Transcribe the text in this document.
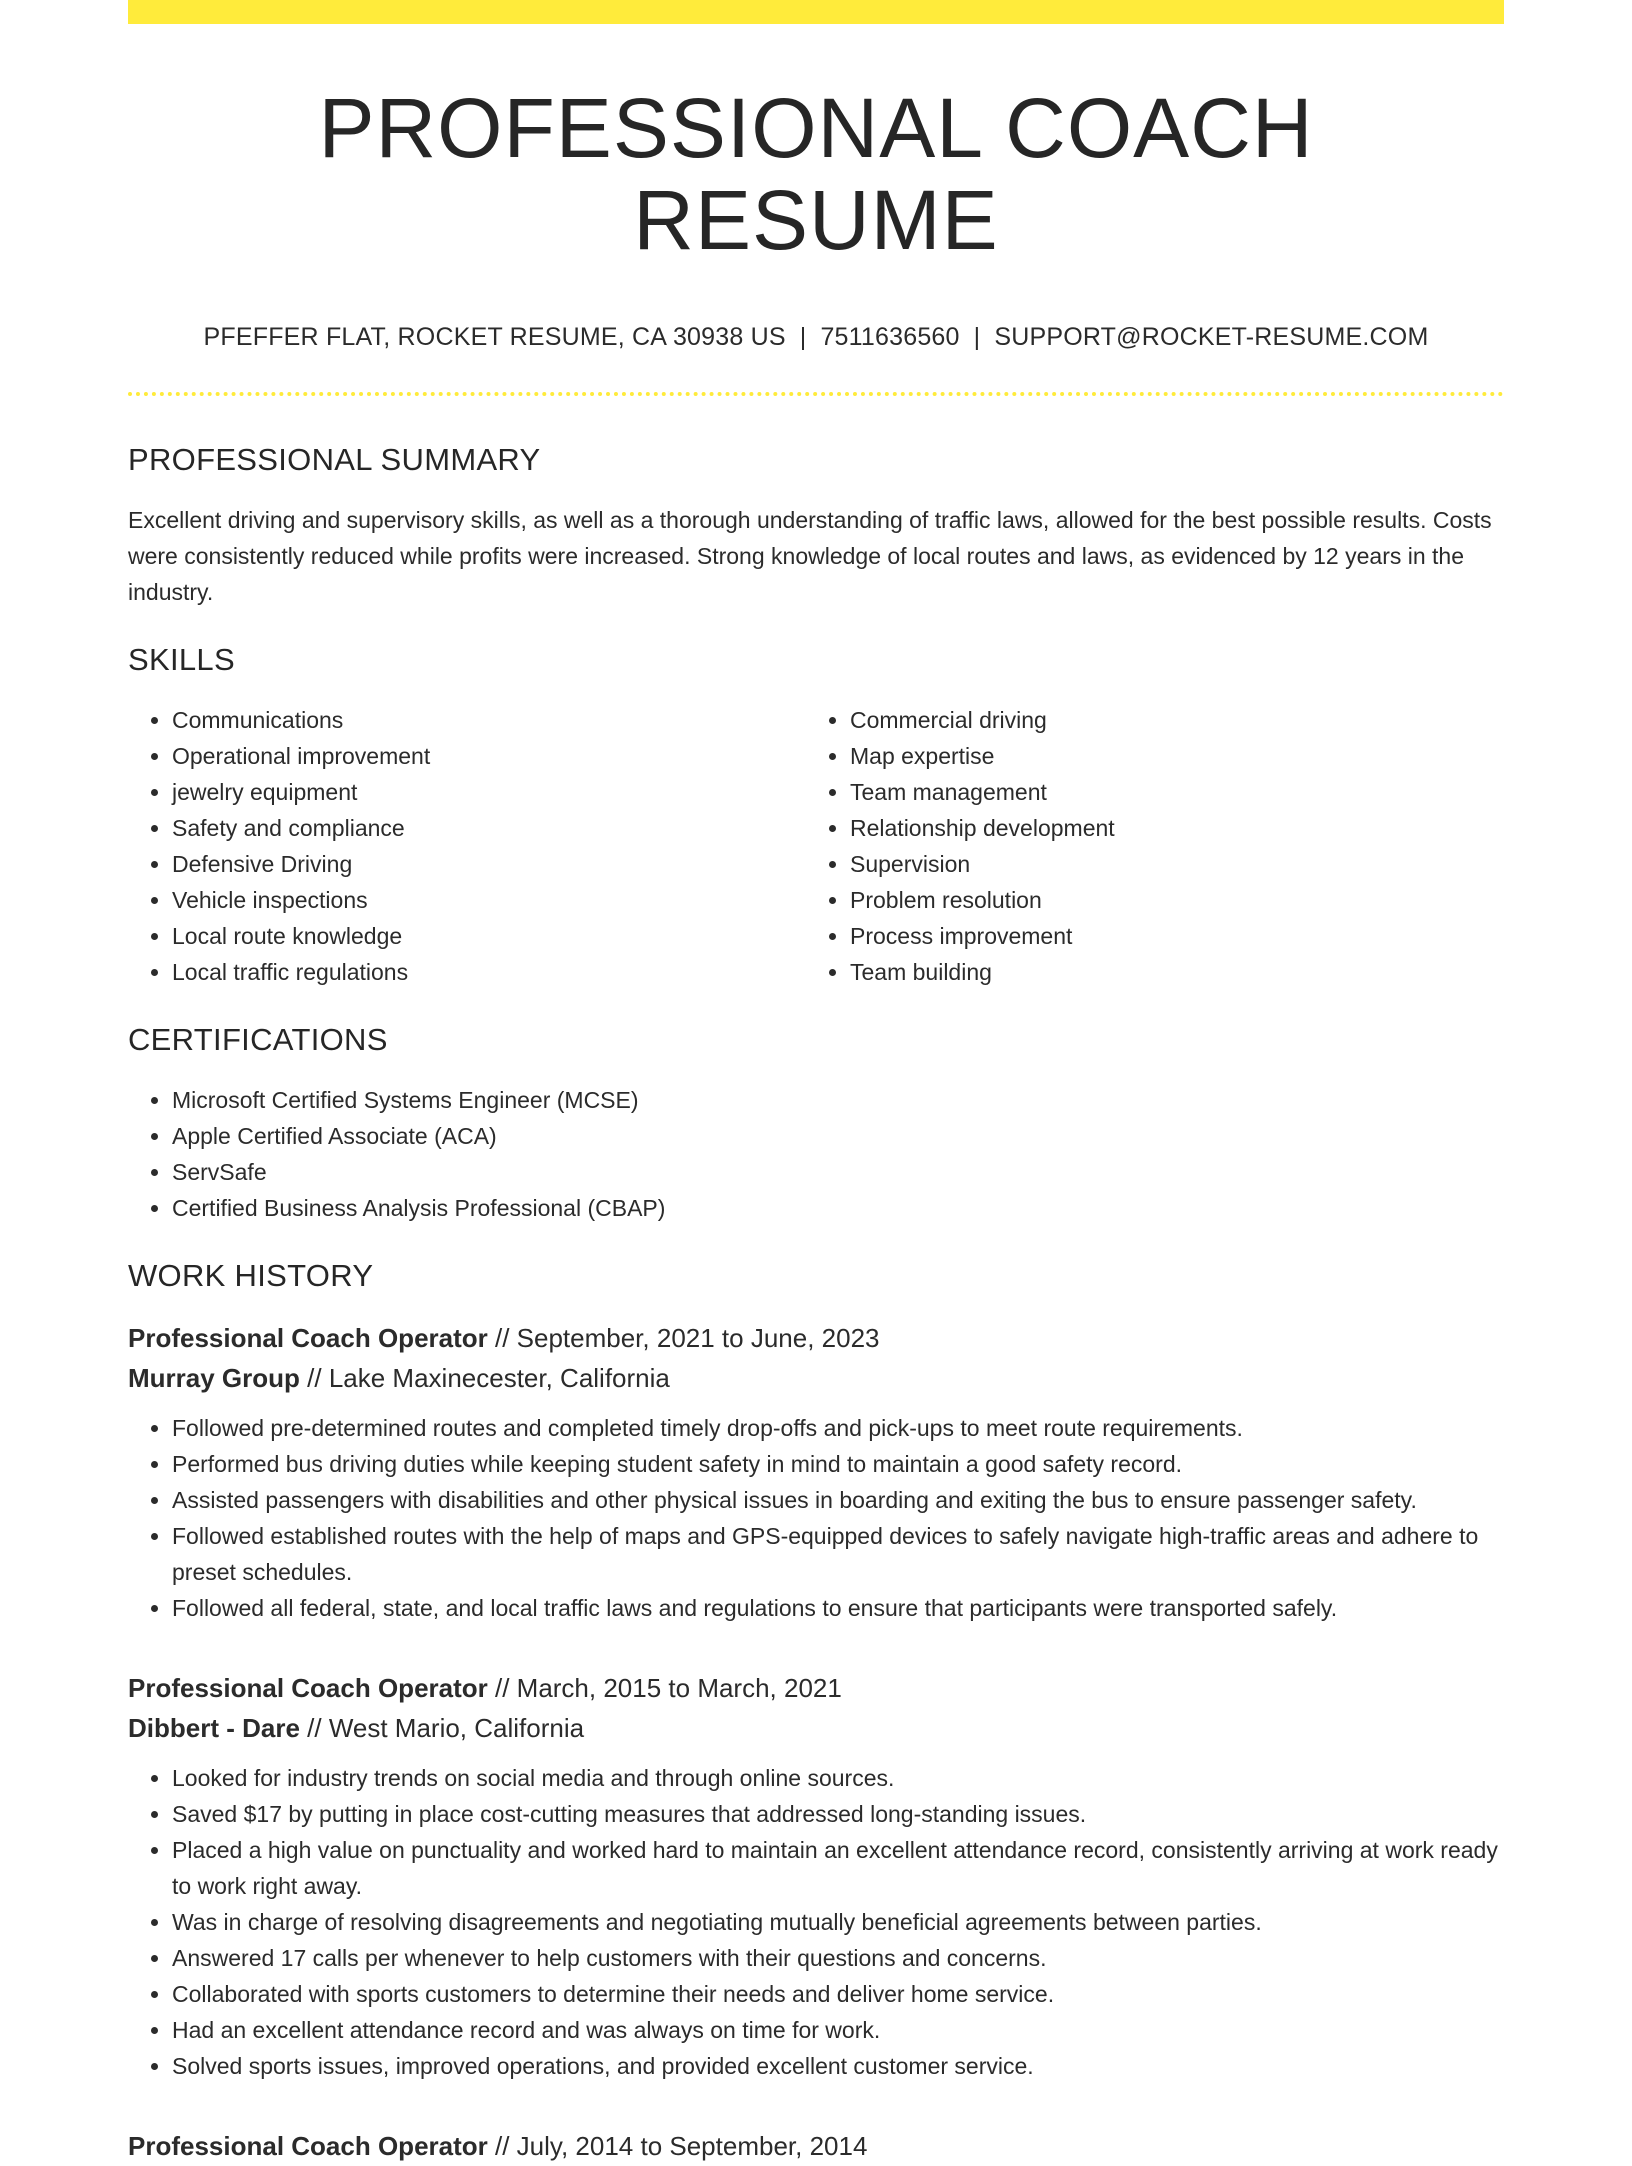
PROFESSIONAL COACH RESUME
PFEFFER FLAT, ROCKET RESUME, CA 30938 US | 7511636560 | SUPPORT@ROCKET-RESUME.COM
PROFESSIONAL SUMMARY

Excellent driving and supervisory skills, as well as a thorough understanding of traffic laws, allowed for the best possible results. Costs were consistently reduced while profits were increased. Strong knowledge of local routes and laws, as evidenced by 12 years in the industry.

SKILLS
• Communications
• Operational improvement
• jewelry equipment
• Safety and compliance
• Defensive Driving
• Vehicle inspections
• Local route knowledge
• Local traffic regulations
• Commercial driving
• Map expertise
• Team management
• Relationship development
• Supervision
• Problem resolution
• Process improvement
• Team building
CERTIFICATIONS
• Microsoft Certified Systems Engineer (MCSE)
• Apple Certified Associate (ACA)
• ServSafe
• Certified Business Analysis Professional (CBAP)
WORK HISTORY
Professional Coach Operator // September, 2021 to June, 2023
Murray Group // Lake Maxinecester, California
• Followed pre-determined routes and completed timely drop-offs and pick-ups to meet route requirements.
• Performed bus driving duties while keeping student safety in mind to maintain a good safety record.
• Assisted passengers with disabilities and other physical issues in boarding and exiting the bus to ensure passenger safety.
• Followed established routes with the help of maps and GPS-equipped devices to safely navigate high-traffic areas and adhere to preset schedules.
• Followed all federal, state, and local traffic laws and regulations to ensure that participants were transported safely.
Professional Coach Operator // March, 2015 to March, 2021
Dibbert - Dare // West Mario, California
• Looked for industry trends on social media and through online sources.
• Saved $17 by putting in place cost-cutting measures that addressed long-standing issues.
• Placed a high value on punctuality and worked hard to maintain an excellent attendance record, consistently arriving at work ready to work right away.
• Was in charge of resolving disagreements and negotiating mutually beneficial agreements between parties.
• Answered 17 calls per whenever to help customers with their questions and concerns.
• Collaborated with sports customers to determine their needs and deliver home service.
• Had an excellent attendance record and was always on time for work.
• Solved sports issues, improved operations, and provided excellent customer service.
Professional Coach Operator // July, 2014 to September, 2014
